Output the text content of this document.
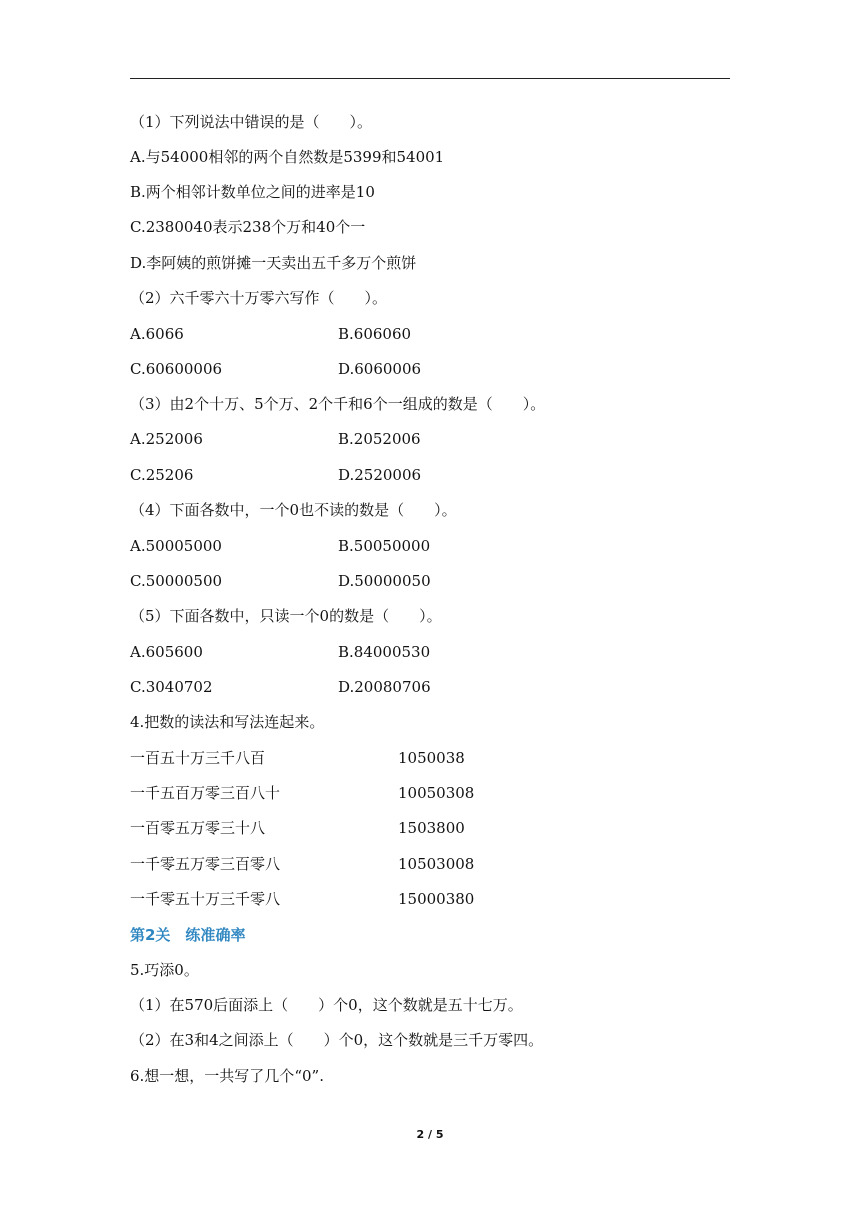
（1）下列说法中错误的是（　　）。
A.与54000相邻的两个自然数是5399和54001
B.两个相邻计数单位之间的进率是10
C.2380040表示238个万和40个一
D.李阿姨的煎饼摊一天卖出五千多万个煎饼
（2）六千零六十万零六写作（　　）。
A.6066	B.606060
C.60600006	D.6060006
（3）由2个十万、5个万、2个千和6个一组成的数是（　　）。
A.252006	B.2052006
C.25206	D.2520006
（4）下面各数中，一个0也不读的数是（　　）。
A.50005000	B.50050000
C.50000500	D.50000050
（5）下面各数中，只读一个0的数是（　　）。
A.605600	B.84000530
C.3040702	D.20080706
4.把数的读法和写法连起来。
一百五十万三千八百	1050038
一千五百万零三百八十	10050308
一百零五万零三十八	1503800
一千零五万零三百零八	10503008
一千零五十万三千零八	15000380
第2关　练准确率
5.巧添0。
（1）在570后面添上（　　）个0，这个数就是五十七万。
（2）在3和4之间添上（　　）个0，这个数就是三千万零四。
6.想一想，一共写了几个“0”.
2 / 5
